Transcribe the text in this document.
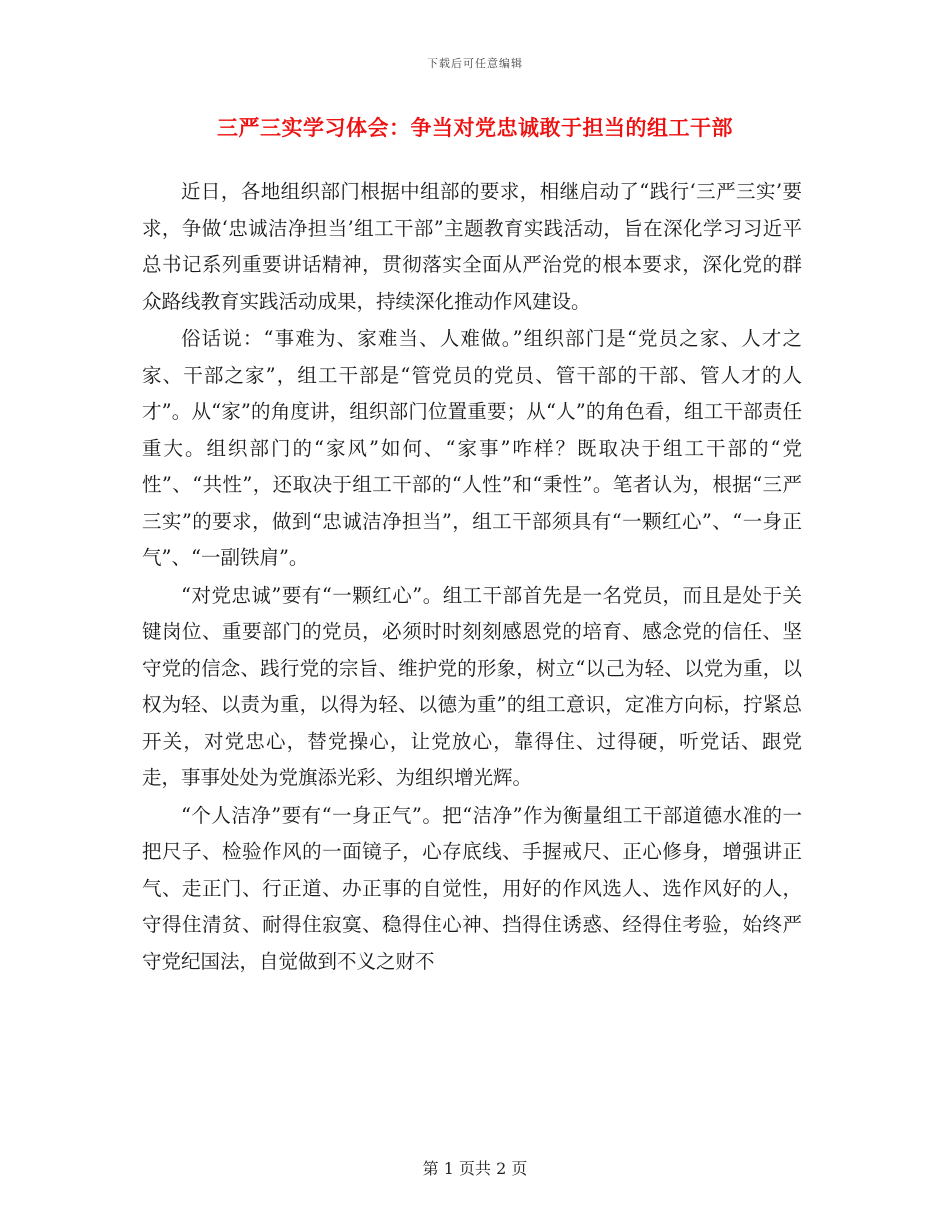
下载后可任意编辑
三严三实学习体会：争当对党忠诚敢于担当的组工干部

近日，各地组织部门根据中组部的要求，相继启动了“践行‘三严三实’要求，争做‘忠诚洁净担当’组工干部”主题教育实践活动，旨在深化学习习近平总书记系列重要讲话精神，贯彻落实全面从严治党的根本要求，深化党的群众路线教育实践活动成果，持续深化推动作风建设。

俗话说：“事难为、家难当、人难做。”组织部门是“党员之家、人才之家、干部之家”，组工干部是“管党员的党员、管干部的干部、管人才的人才”。从“家”的角度讲，组织部门位置重要；从“人”的角色看，组工干部责任重大。组织部门的“家风”如何、“家事”咋样？既取决于组工干部的“党性”、“共性”，还取决于组工干部的“人性”和“秉性”。笔者认为，根据“三严三实”的要求，做到“忠诚洁净担当”，组工干部须具有“一颗红心”、“一身正气”、“一副铁肩”。

“对党忠诚”要有“一颗红心”。组工干部首先是一名党员，而且是处于关键岗位、重要部门的党员，必须时时刻刻感恩党的培育、感念党的信任、坚守党的信念、践行党的宗旨、维护党的形象，树立“以己为轻、以党为重，以权为轻、以责为重，以得为轻、以德为重”的组工意识，定准方向标，拧紧总开关，对党忠心，替党操心，让党放心，靠得住、过得硬，听党话、跟党走，事事处处为党旗添光彩、为组织增光辉。

“个人洁净”要有“一身正气”。把“洁净”作为衡量组工干部道德水准的一把尺子、检验作风的一面镜子，心存底线、手握戒尺、正心修身，增强讲正气、走正门、行正道、办正事的自觉性，用好的作风选人、选作风好的人，守得住清贫、耐得住寂寞、稳得住心神、挡得住诱惑、经得住考验，始终严守党纪国法，自觉做到不义之财不

第 1 页共 2 页
